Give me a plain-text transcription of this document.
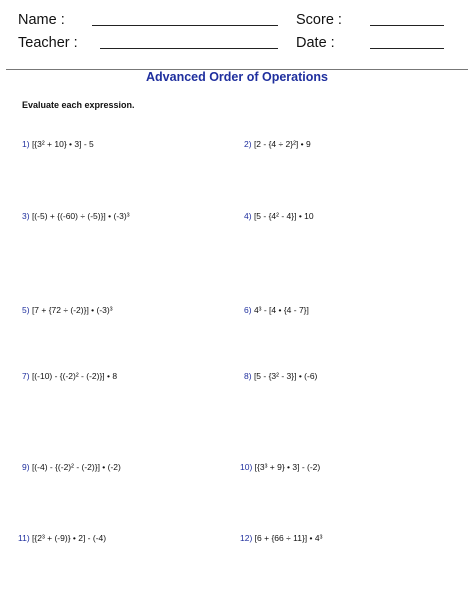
Name :	Score :
Teacher :	Date :
Advanced Order of Operations
Evaluate each expression.
1) [{3² + 10} • 3] - 5
3) [(-5) + {(-60) ÷ (-5)}] • (-3)³
5) [7 + {72 ÷ (-2)}] • (-3)³
7) [(-10) - {(-2)² - (-2)}] • 8
9) [(-4) - {(-2)² - (-2)}] • (-2)
11) [{2³ + (-9)} • 2] - (-4)
2) [2 - {4 ÷ 2}²] • 9
4) [5 - {4² - 4}] • 10
6) 4³ - [4 • {4 - 7}]
8) [5 - {3² - 3}] • (-6)
10) [{3³ + 9} • 3] - (-2)
12) [6 + {66 ÷ 11}] • 4³
